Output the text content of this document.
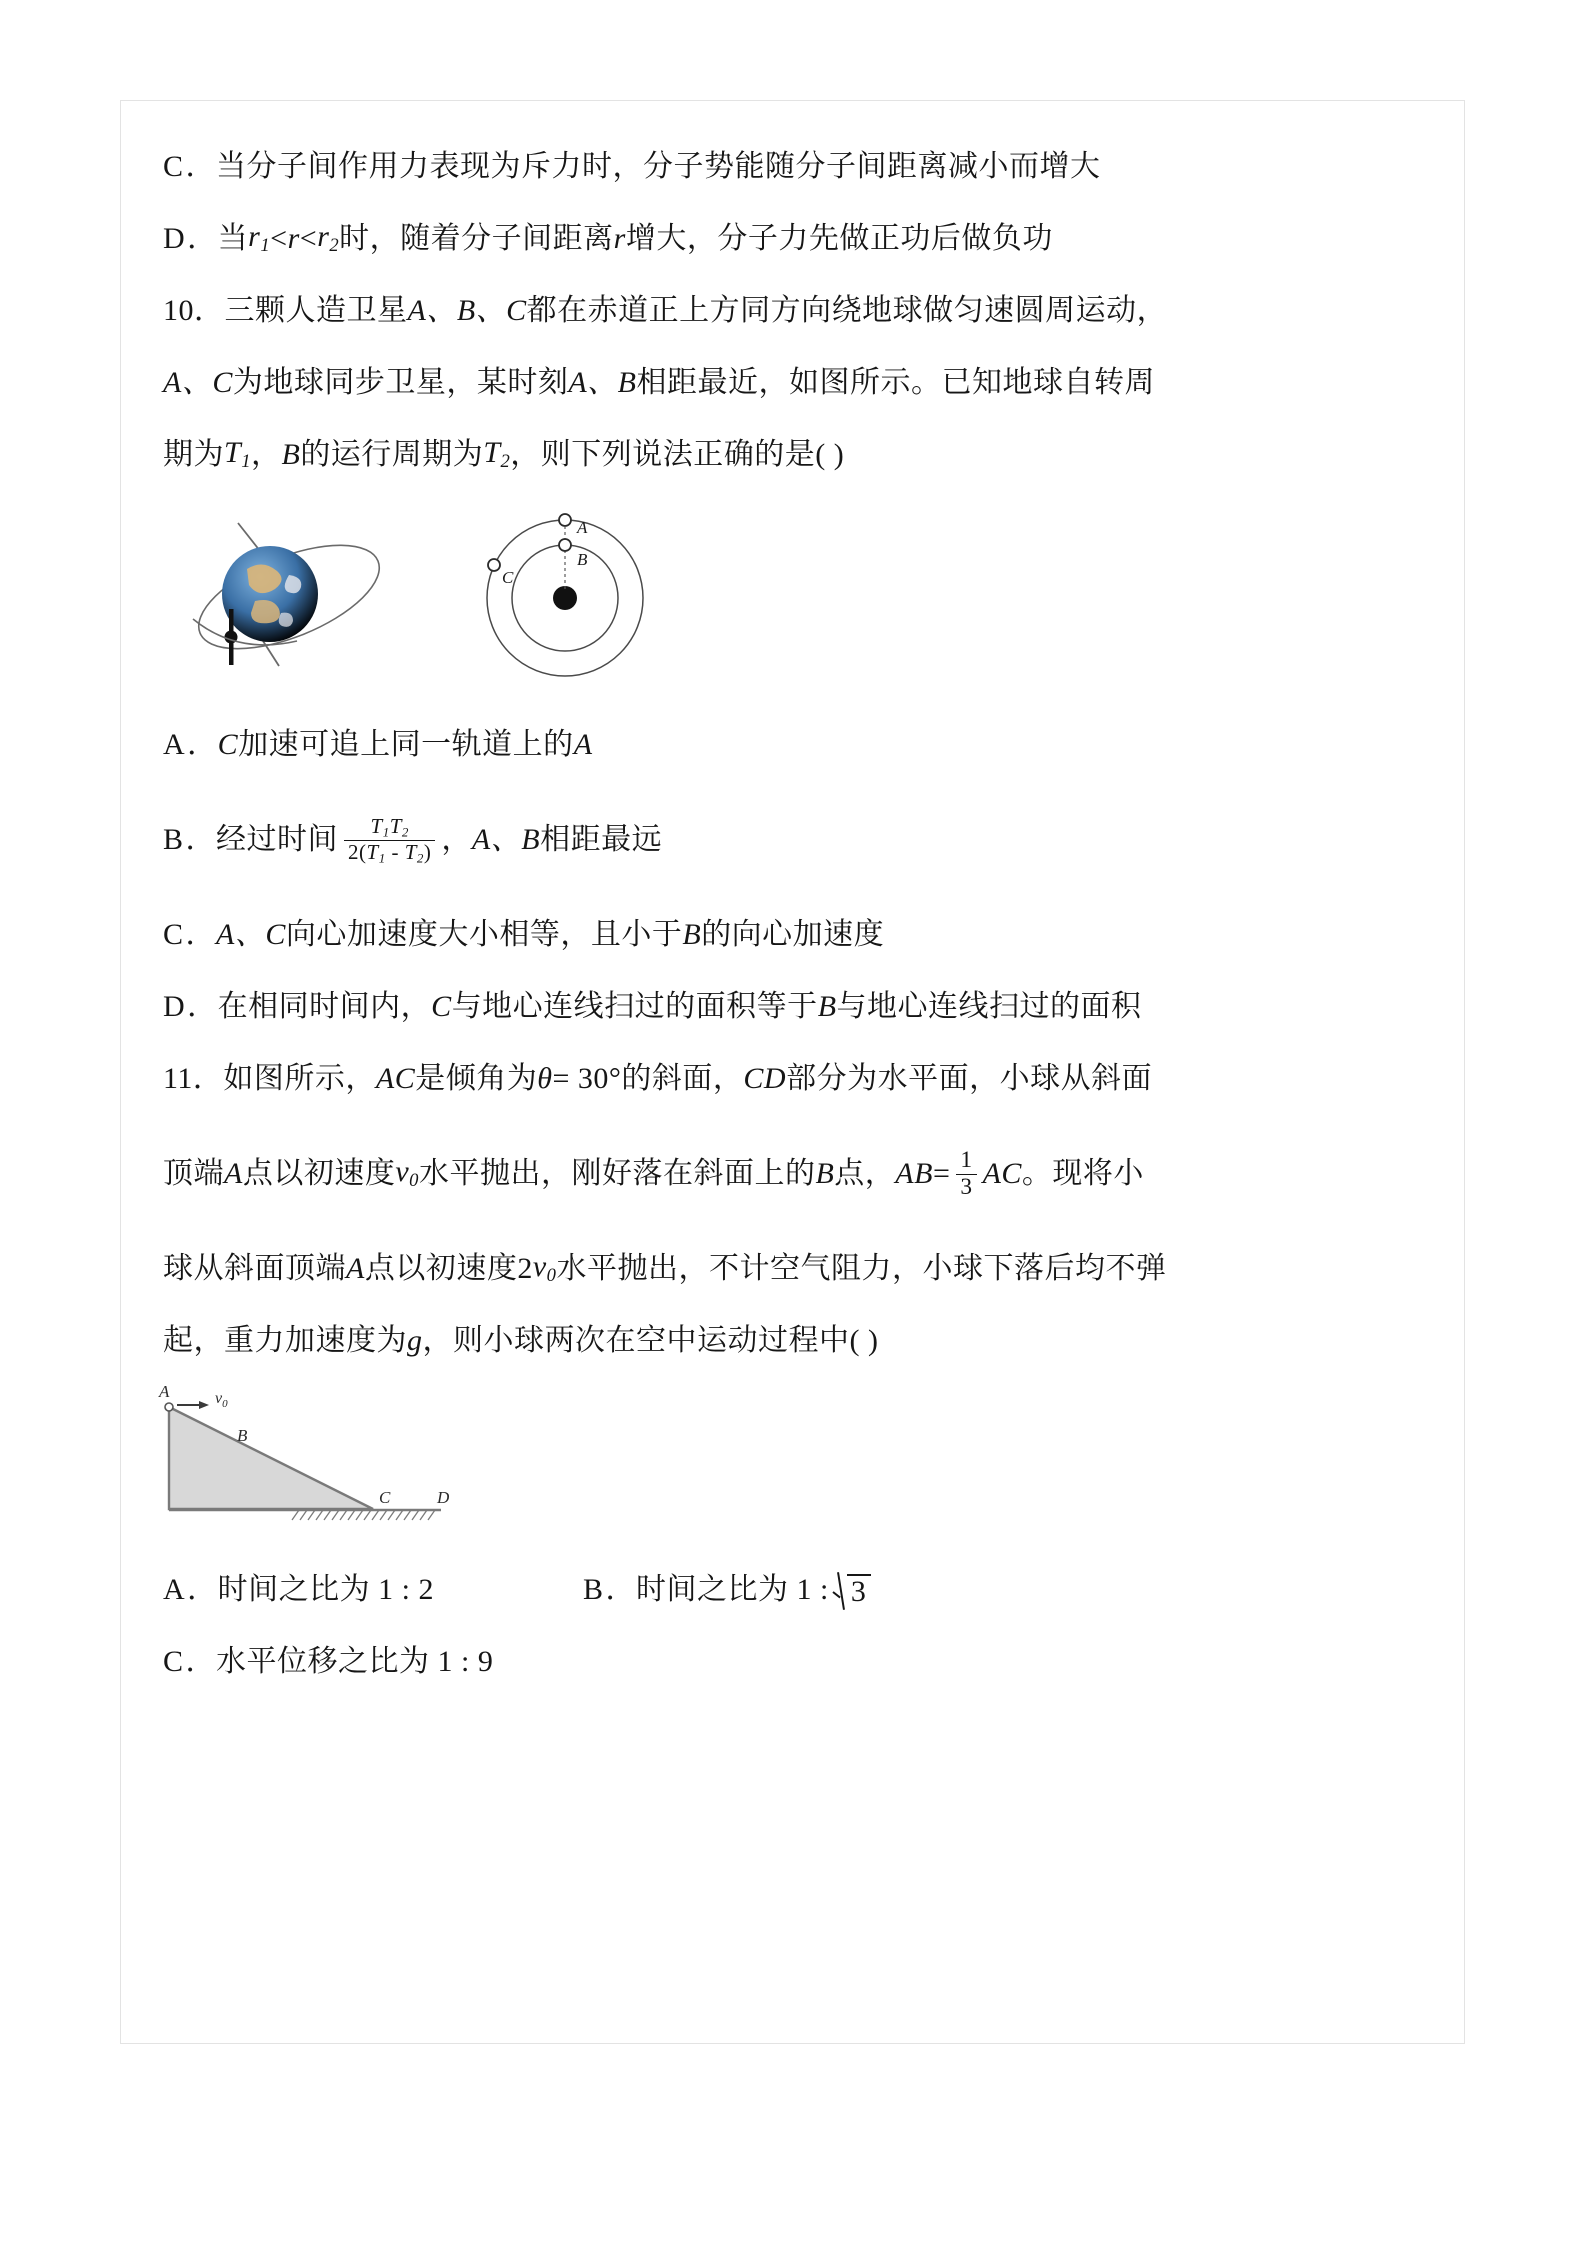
C ． 当分子间作用力表现为斥力时，分子势能随分子间距离减小而增大
D ． 当 $r_1 < r < r_2$ 时，随着分子间距离 r 增大，分子力先做正功后做负功
10 ． 三颗人造卫星 A、B、C 都在赤道正上方同方向绕地球做匀速圆周运动，
A、C 为地球同步卫星，某时刻 A、B 相距最近，如图所示。已知地球自转周
期为 $T_1$ ， B 的运行周期为 $T_2$ ，则下列说法正确的是( )
A
B
C
A ． C 加速可追上同一轨道上的 A
B ． 经过时间 $\frac{T_1T_2}{2(T_1 - T_2)}$ ， A、B 相距最远
C ． A、C 向心加速度大小相等，且小于 B 的向心加速度
D ． 在相同时间内， C 与地心连线扫过的面积等于 B 与地心连线扫过的面积
11 ． 如图所示， AC 是倾角为 θ = 30°的斜面， CD 部分为水平面，小球从斜面
顶端 A 点以初速度 $v_0$ 水平抛出，刚好落在斜面上的 B 点， AB = $\frac{1}{3}$ AC 。现将小
球从斜面顶端 A 点以初速度 2 $v_0$ 水平抛出，不计空气阻力，小球下落后均不弹
起，重力加速度为 g ，则小球两次在空中运动过程中( )
A	$v_0$
B
C	D
A．时间之比为 1 : 2	B ． 时间之比为 1 : 3
C ． 水平位移之比为 1 : 9
